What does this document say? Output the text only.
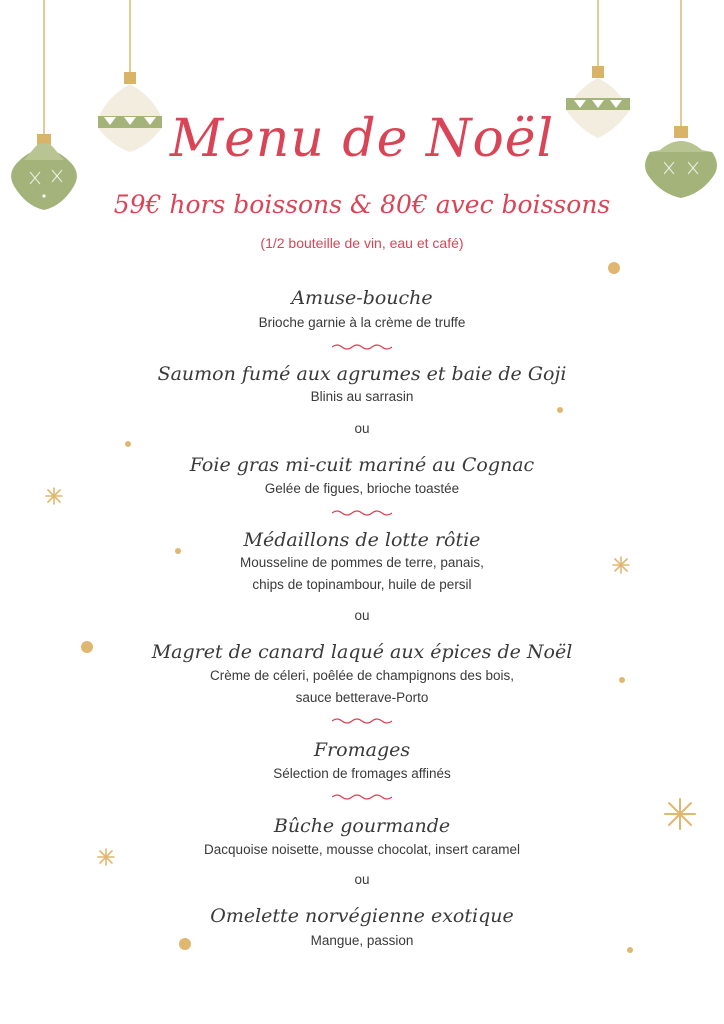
Menu de Noël
59€ hors boissons & 80€ avec boissons
(1/2 bouteille de vin, eau et café)
Amuse-bouche
Brioche garnie à la crème de truffe
Saumon fumé aux agrumes et baie de Goji
Blinis au sarrasin
ou
Foie gras mi-cuit mariné au Cognac
Gelée de figues, brioche toastée
Médaillons de lotte rôtie
Mousseline de pommes de terre, panais,
chips de topinambour, huile de persil
ou
Magret de canard laqué aux épices de Noël
Crème de céleri, poêlée de champignons des bois,
sauce betterave-Porto
Fromages
Sélection de fromages affinés
Bûche gourmande
Dacquoise noisette, mousse chocolat, insert caramel
ou
Omelette norvégienne exotique
Mangue, passion
